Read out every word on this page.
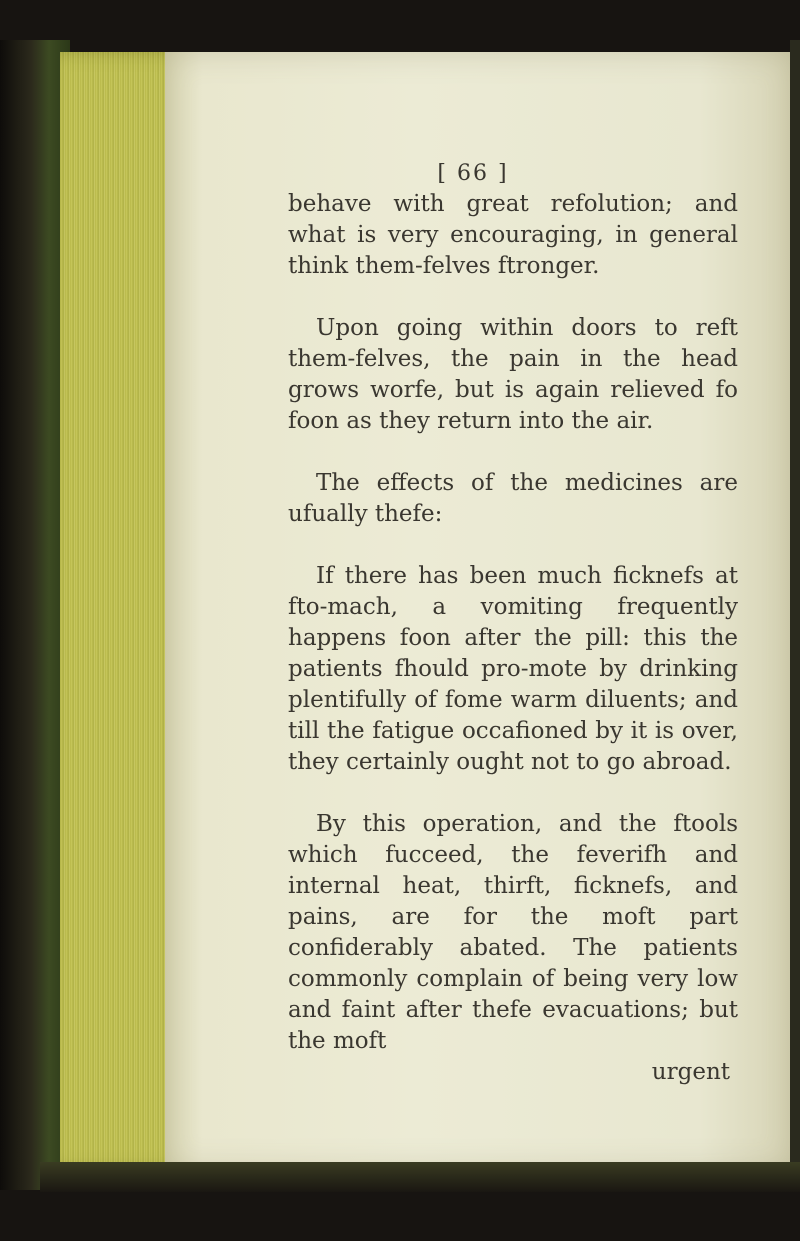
[ 66 ]

behave with great refolution; and what is very encouraging, in general think them-felves ftronger.

Upon going within doors to reft them-felves, the pain in the head grows worfe, but is again relieved fo foon as they return into the air.

The effects of the medicines are ufually thefe:

If there has been much ficknefs at fto-mach, a vomiting frequently happens foon after the pill: this the patients fhould pro-mote by drinking plentifully of fome warm diluents; and till the fatigue occafioned by it is over, they certainly ought not to go abroad.

By this operation, and the ftools which fucceed, the feverifh and internal heat, thirft, ficknefs, and pains, are for the moft part confiderably abated. The patients commonly complain of being very low and faint after thefe evacuations; but the moft

urgent
